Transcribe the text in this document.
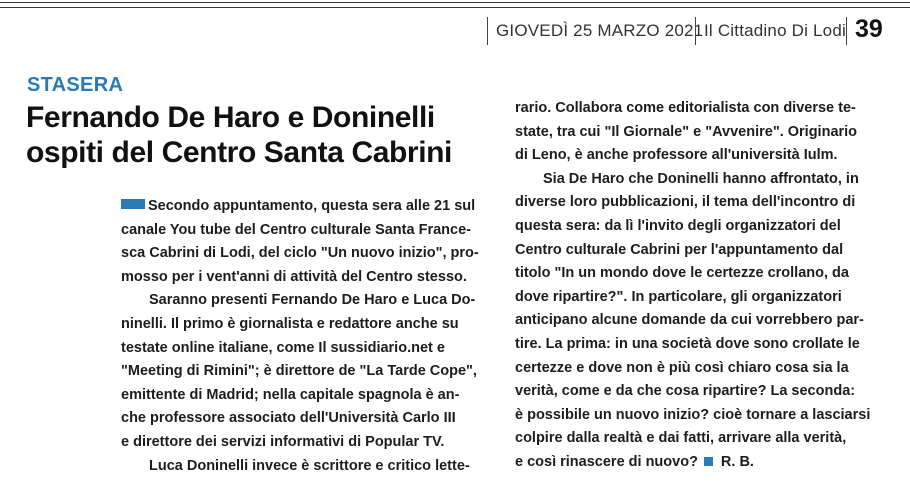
GIOVEDÌ 25 MARZO 2021 Il Cittadino Di Lodi 39
STASERA
Fernando De Haro e Doninelli
ospiti del Centro Santa Cabrini
Secondo appuntamento, questa sera alle 21 sul
canale You tube del Centro culturale Santa France-
sca Cabrini di Lodi, del ciclo "Un nuovo inizio", pro-
mosso per i vent'anni di attività del Centro stesso.
Saranno presenti Fernando De Haro e Luca Do-
ninelli. Il primo è giornalista e redattore anche su
testate online italiane, come Il sussidiario.net e
"Meeting di Rimini"; è direttore de "La Tarde Cope",
emittente di Madrid; nella capitale spagnola è an-
che professore associato dell'Università Carlo III
e direttore dei servizi informativi di Popular TV.
Luca Doninelli invece è scrittore e critico lette-
rario. Collabora come editorialista con diverse te-
state, tra cui "Il Giornale" e "Avvenire". Originario
di Leno, è anche professore all'università Iulm.
Sia De Haro che Doninelli hanno affrontato, in
diverse loro pubblicazioni, il tema dell'incontro di
questa sera: da lì l'invito degli organizzatori del
Centro culturale Cabrini per l'appuntamento dal
titolo "In un mondo dove le certezze crollano, da
dove ripartire?". In particolare, gli organizzatori
anticipano alcune domande da cui vorrebbero par-
tire. La prima: in una società dove sono crollate le
certezze e dove non è più così chiaro cosa sia la
verità, come e da che cosa ripartire? La seconda:
è possibile un nuovo inizio? cioè tornare a lasciarsi
colpire dalla realtà e dai fatti, arrivare alla verità,
e così rinascere di nuovo? R. B.
